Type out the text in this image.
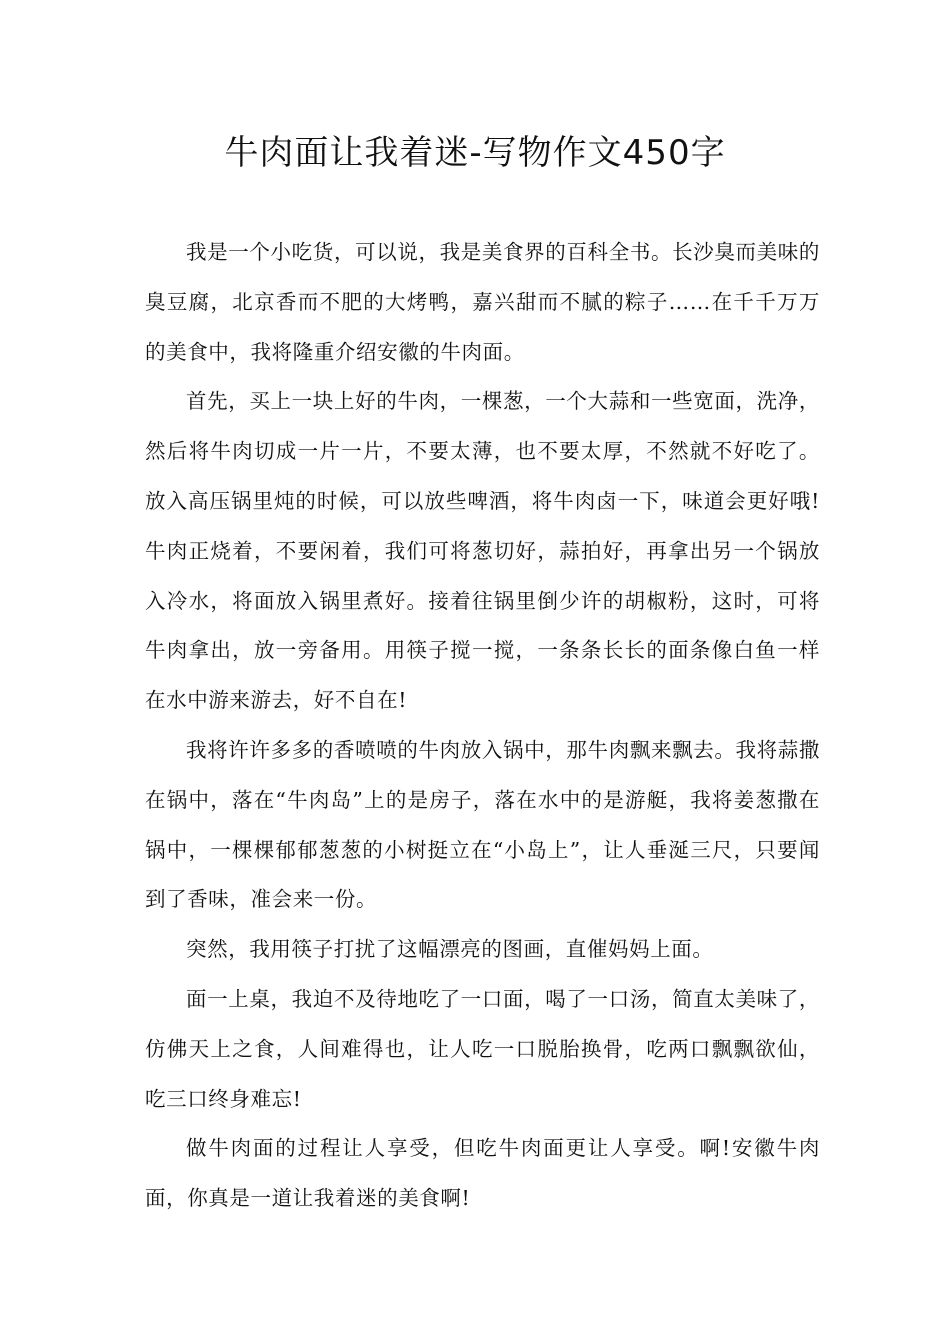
牛肉面让我着迷-写物作文450字

我是一个小吃货，可以说，我是美食界的百科全书。长沙臭而美味的臭豆腐，北京香而不肥的大烤鸭，嘉兴甜而不腻的粽子……在千千万万的美食中，我将隆重介绍安徽的牛肉面。

首先，买上一块上好的牛肉，一棵葱，一个大蒜和一些宽面，洗净，然后将牛肉切成一片一片，不要太薄，也不要太厚，不然就不好吃了。放入高压锅里炖的时候，可以放些啤酒，将牛肉卤一下，味道会更好哦!牛肉正烧着，不要闲着，我们可将葱切好，蒜拍好，再拿出另一个锅放入冷水，将面放入锅里煮好。接着往锅里倒少许的胡椒粉，这时，可将牛肉拿出，放一旁备用。用筷子搅一搅，一条条长长的面条像白鱼一样在水中游来游去，好不自在!

我将许许多多的香喷喷的牛肉放入锅中，那牛肉飘来飘去。我将蒜撒在锅中，落在“牛肉岛”上的是房子，落在水中的是游艇，我将姜葱撒在锅中，一棵棵郁郁葱葱的小树挺立在“小岛上”，让人垂涎三尺，只要闻到了香味，准会来一份。

突然，我用筷子打扰了这幅漂亮的图画，直催妈妈上面。

面一上桌，我迫不及待地吃了一口面，喝了一口汤，简直太美味了，仿佛天上之食，人间难得也，让人吃一口脱胎换骨，吃两口飘飘欲仙，吃三口终身难忘!

做牛肉面的过程让人享受，但吃牛肉面更让人享受。啊!安徽牛肉面，你真是一道让我着迷的美食啊!
